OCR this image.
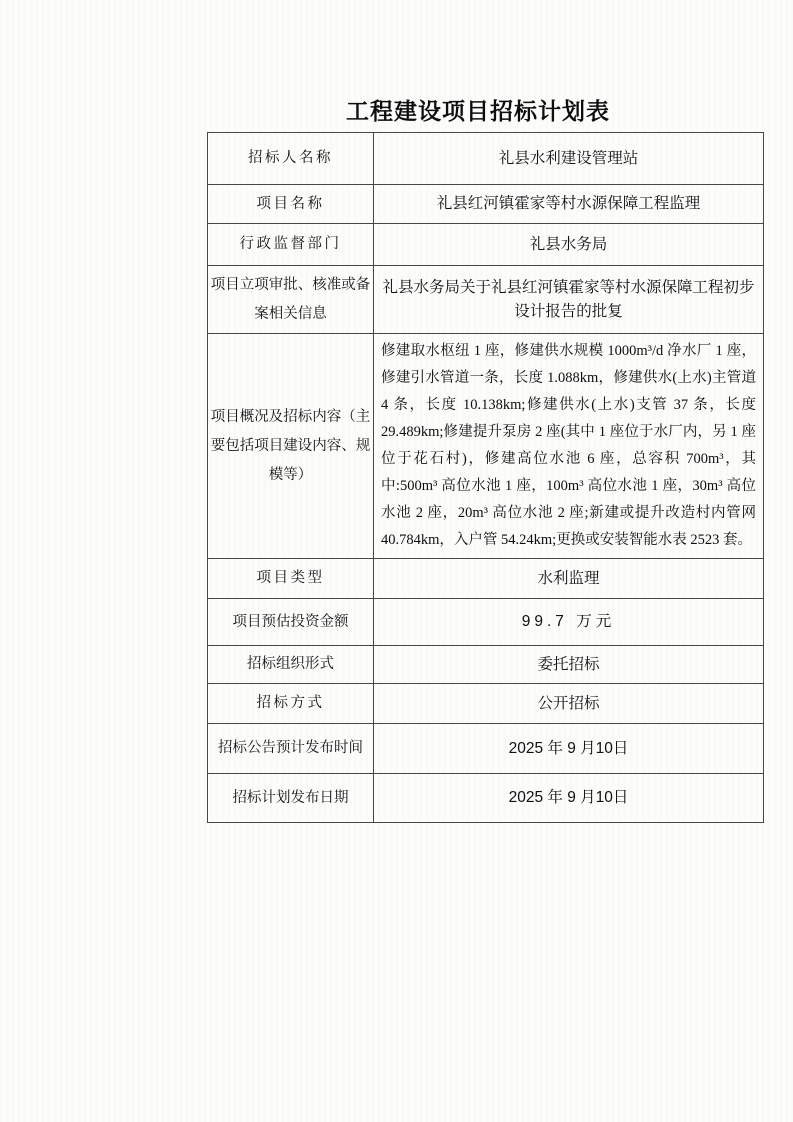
工程建设项目招标计划表
招标人名称	礼县水利建设管理站
项目名称	礼县红河镇霍家等村水源保障工程监理
行政监督部门	礼县水务局
项目立项审批、核准或备案相关信息	礼县水务局关于礼县红河镇霍家等村水源保障工程初步设计报告的批复
项目概况及招标内容（主要包括项目建设内容、规模等）	修建取水枢纽 1 座，修建供水规模 1000m³/d 净水厂 1 座，修建引水管道一条，长度 1.088km，修建供水(上水)主管道 4 条，长度 10.138km;修建供水(上水)支管 37 条，长度 29.489km;修建提升泵房 2 座(其中 1 座位于水厂内，另 1 座位于花石村)，修建高位水池 6 座，总容积 700m³，其中:500m³ 高位水池 1 座，100m³ 高位水池 1 座，30m³ 高位水池 2 座，20m³ 高位水池 2 座;新建或提升改造村内管网 40.784km，入户管 54.24km;更换或安装智能水表 2523 套。
项目类型	水利监理
项目预估投资金额	99.7 万元
招标组织形式	委托招标
招标方式	公开招标
招标公告预计发布时间	2025 年 9 月10日
招标计划发布日期	2025 年 9 月10日
